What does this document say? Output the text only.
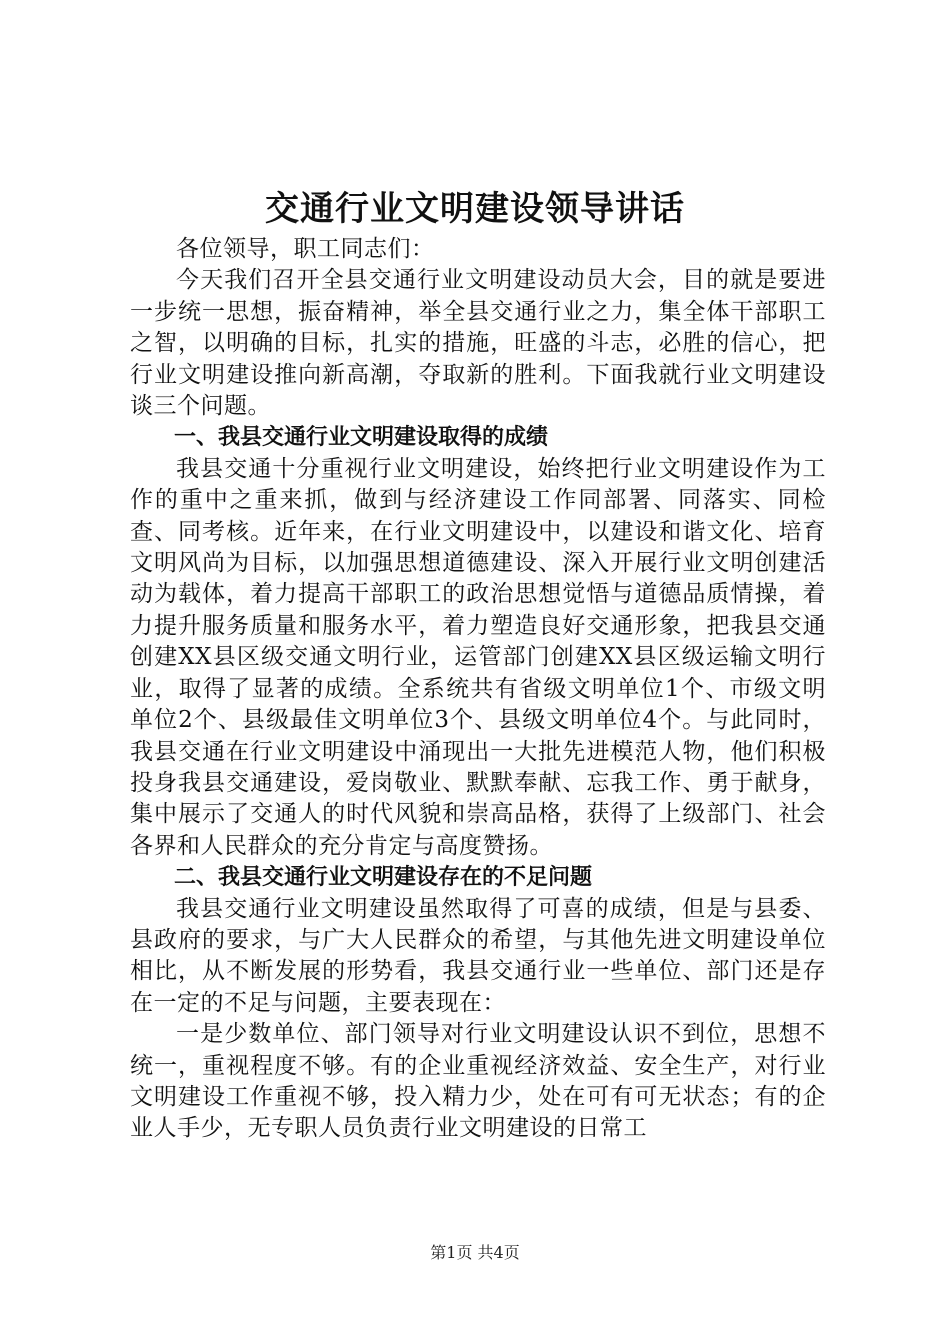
交通行业文明建设领导讲话

各位领导，职工同志们：

今天我们召开全县交通行业文明建设动员大会，目的就是要进一步统一思想，振奋精神，举全县交通行业之力，集全体干部职工之智，以明确的目标，扎实的措施，旺盛的斗志，必胜的信心，把行业文明建设推向新高潮，夺取新的胜利。下面我就行业文明建设谈三个问题。

一、我县交通行业文明建设取得的成绩

我县交通十分重视行业文明建设，始终把行业文明建设作为工作的重中之重来抓，做到与经济建设工作同部署、同落实、同检查、同考核。近年来，在行业文明建设中，以建设和谐文化、培育文明风尚为目标，以加强思想道德建设、深入开展行业文明创建活动为载体，着力提高干部职工的政治思想觉悟与道德品质情操，着力提升服务质量和服务水平，着力塑造良好交通形象，把我县交通创建XX县区级交通文明行业，运管部门创建XX县区级运输文明行业，取得了显著的成绩。全系统共有省级文明单位1个、市级文明单位2个、县级最佳文明单位3个、县级文明单位4个。与此同时，我县交通在行业文明建设中涌现出一大批先进模范人物，他们积极投身我县交通建设，爱岗敬业、默默奉献、忘我工作、勇于献身，集中展示了交通人的时代风貌和崇高品格，获得了上级部门、社会各界和人民群众的充分肯定与高度赞扬。

二、我县交通行业文明建设存在的不足问题

我县交通行业文明建设虽然取得了可喜的成绩，但是与县委、县政府的要求，与广大人民群众的希望，与其他先进文明建设单位相比，从不断发展的形势看，我县交通行业一些单位、部门还是存在一定的不足与问题，主要表现在：

一是少数单位、部门领导对行业文明建设认识不到位，思想不统一，重视程度不够。有的企业重视经济效益、安全生产，对行业文明建设工作重视不够，投入精力少，处在可有可无状态；有的企业人手少，无专职人员负责行业文明建设的日常工

第1页 共4页
